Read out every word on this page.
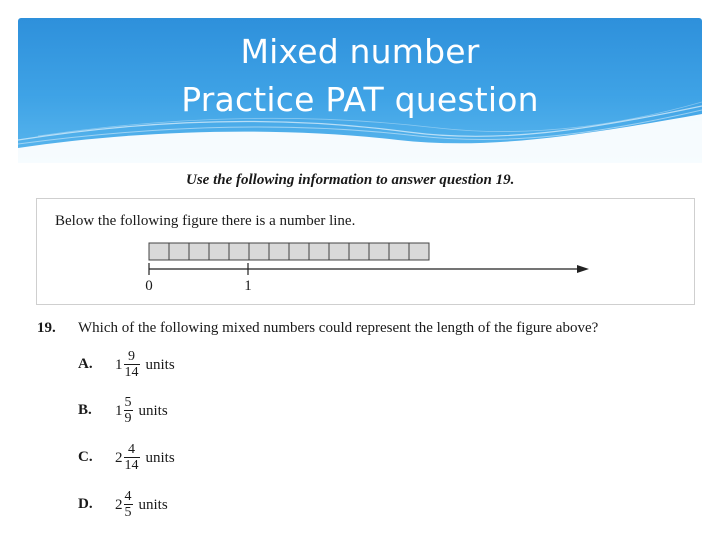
Mixed number
Practice PAT question
Use the following information to answer question 19.
Below the following figure there is a number line.
0	1
19. Which of the following mixed numbers could represent the length of the figure above?
A. $1 \frac{9}{14}$ units
B. $1 \frac{5}{9}$ units
C. $2 \frac{4}{14}$ units
D. $2 \frac{4}{5}$ units
